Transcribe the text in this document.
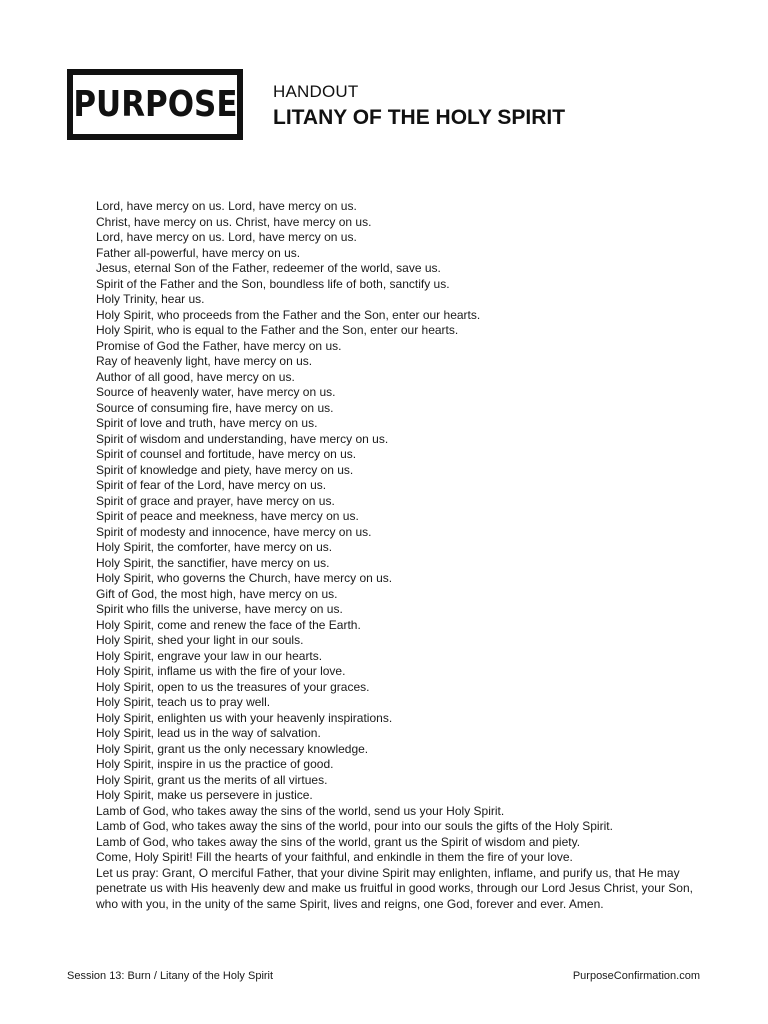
PURPOSE HANDOUT
LITANY OF THE HOLY SPIRIT
Lord, have mercy on us. Lord, have mercy on us.
Christ, have mercy on us. Christ, have mercy on us.
Lord, have mercy on us. Lord, have mercy on us.
Father all-powerful, have mercy on us.
Jesus, eternal Son of the Father, redeemer of the world, save us.
Spirit of the Father and the Son, boundless life of both, sanctify us.
Holy Trinity, hear us.
Holy Spirit, who proceeds from the Father and the Son, enter our hearts.
Holy Spirit, who is equal to the Father and the Son, enter our hearts.
Promise of God the Father, have mercy on us.
Ray of heavenly light, have mercy on us.
Author of all good, have mercy on us.
Source of heavenly water, have mercy on us.
Source of consuming fire, have mercy on us.
Spirit of love and truth, have mercy on us.
Spirit of wisdom and understanding, have mercy on us.
Spirit of counsel and fortitude, have mercy on us.
Spirit of knowledge and piety, have mercy on us.
Spirit of fear of the Lord, have mercy on us.
Spirit of grace and prayer, have mercy on us.
Spirit of peace and meekness, have mercy on us.
Spirit of modesty and innocence, have mercy on us.
Holy Spirit, the comforter, have mercy on us.
Holy Spirit, the sanctifier, have mercy on us.
Holy Spirit, who governs the Church, have mercy on us.
Gift of God, the most high, have mercy on us.
Spirit who fills the universe, have mercy on us.
Holy Spirit, come and renew the face of the Earth.
Holy Spirit, shed your light in our souls.
Holy Spirit, engrave your law in our hearts.
Holy Spirit, inflame us with the fire of your love.
Holy Spirit, open to us the treasures of your graces.
Holy Spirit, teach us to pray well.
Holy Spirit, enlighten us with your heavenly inspirations.
Holy Spirit, lead us in the way of salvation.
Holy Spirit, grant us the only necessary knowledge.
Holy Spirit, inspire in us the practice of good.
Holy Spirit, grant us the merits of all virtues.
Holy Spirit, make us persevere in justice.
Lamb of God, who takes away the sins of the world, send us your Holy Spirit.
Lamb of God, who takes away the sins of the world, pour into our souls the gifts of the Holy Spirit.
Lamb of God, who takes away the sins of the world, grant us the Spirit of wisdom and piety.
Come, Holy Spirit! Fill the hearts of your faithful, and enkindle in them the fire of your love.
Let us pray: Grant, O merciful Father, that your divine Spirit may enlighten, inflame, and purify us, that He may penetrate us with His heavenly dew and make us fruitful in good works, through our Lord Jesus Christ, your Son, who with you, in the unity of the same Spirit, lives and reigns, one God, forever and ever. Amen.
Session 13: Burn / Litany of the Holy Spirit	PurposeConfirmation.com
